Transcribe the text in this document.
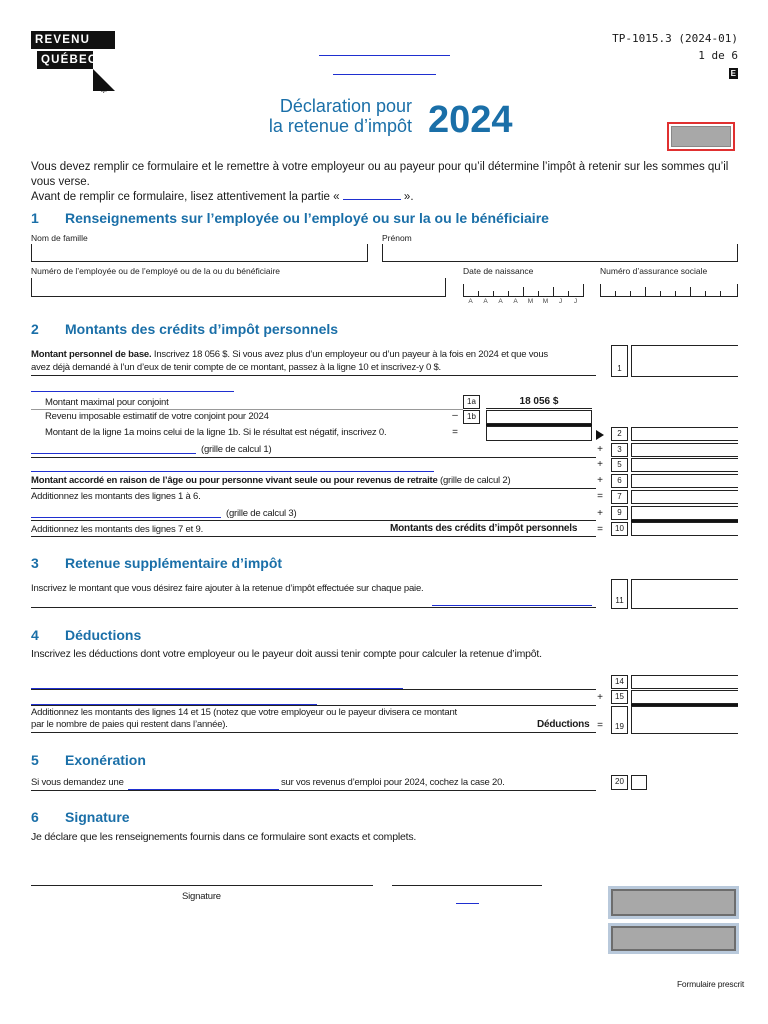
REVENU
QUÉBEC
⚜
TP-1015.3 (2024-01)
1 de 6
E
Déclaration pour
la retenue d’impôt 2024
Vous devez remplir ce formulaire et le remettre à votre employeur ou au payeur pour qu’il détermine l’impôt à retenir sur les sommes qu’il vous verse.
Avant de remplir ce formulaire, lisez attentivement la partie «	».
1 Renseignements sur l’employée ou l’employé ou sur la ou le bénéficiaire
Nom de famille	Prénom
Numéro de l’employée ou de l’employé ou de la ou du bénéficiaire	Date de naissance	Numéro d’assurance sociale
A	A	A	A	M	M	J	J
2 Montants des crédits d’impôt personnels
Montant personnel de base. Inscrivez 18 056 $. Si vous avez plus d’un employeur ou d’un payeur à la fois en 2024 et que vous
avez déjà demandé à l’un d’eux de tenir compte de ce montant, passez à la ligne 10 et inscrivez-y 0 $.	1
Montant maximal pour conjoint	1a	18 056 $
Revenu imposable estimatif de votre conjoint pour 2024	–	1b
Montant de la ligne 1a moins celui de la ligne 1b. Si le résultat est négatif, inscrivez 0.	=	2
(grille de calcul 1)	+	3
+	5
Montant accordé en raison de l’âge ou pour personne vivant seule ou pour revenus de retraite (grille de calcul 2)	+	6
Additionnez les montants des lignes 1 à 6.	=	7
(grille de calcul 3)	+	9
Additionnez les montants des lignes 7 et 9.	Montants des crédits d’impôt personnels =	10
3 Retenue supplémentaire d’impôt
Inscrivez le montant que vous désirez faire ajouter à la retenue d’impôt effectuée sur chaque paie.
11
4 Déductions
Inscrivez les déductions dont votre employeur ou le payeur doit aussi tenir compte pour calculer la retenue d’impôt.
14
+	15
Additionnez les montants des lignes 14 et 15 (notez que votre employeur ou le payeur divisera ce montant
par le nombre de paies qui restent dans l’année).	Déductions =	19
5 Exonération
Si vous demandez une	sur vos revenus d’emploi pour 2024, cochez la case 20.	20
6 Signature
Je déclare que les renseignements fournis dans ce formulaire sont exacts et complets.
Signature
Formulaire prescrit
